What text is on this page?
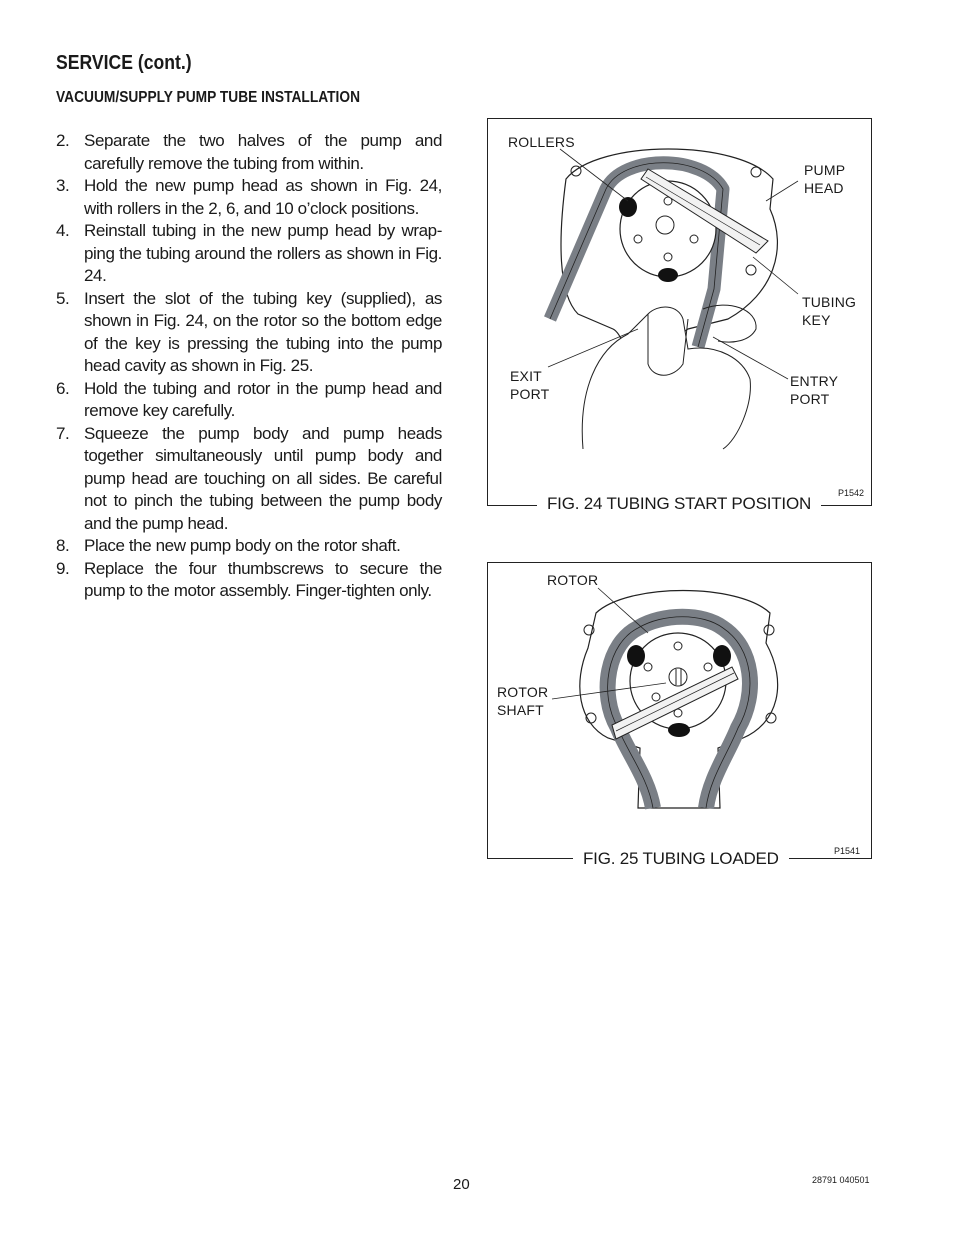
SERVICE (cont.)
VACUUM/SUPPLY PUMP TUBE INSTALLATION
2. Separate the two halves of the pump and carefully remove the tubing from within.
3. Hold the new pump head as shown in Fig. 24, with rollers in the 2, 6, and 10 o’clock positions.
4. Reinstall tubing in the new pump head by wrap-ping the tubing around the rollers as shown in Fig. 24.
5. Insert the slot of the tubing key (supplied), as shown in Fig. 24, on the rotor so the bottom edge of the key is pressing the tubing into the pump head cavity as shown in Fig. 25.
6. Hold the tubing and rotor in the pump head and remove key carefully.
7. Squeeze the pump body and pump heads together simultaneously until pump body and pump head are touching on all sides. Be careful not to pinch the tubing between the pump body and the pump head.
8. Place the new pump body on the rotor shaft.
9. Replace the four thumbscrews to secure the pump to the motor assembly. Finger-tighten only.
ROLLERS
PUMP
HEAD
TUBING
KEY
EXIT
PORT
ENTRY
PORT
P1542
FIG. 24 TUBING START POSITION
ROTOR
ROTOR
SHAFT
P1541
FIG. 25 TUBING LOADED
20	28791 040501
